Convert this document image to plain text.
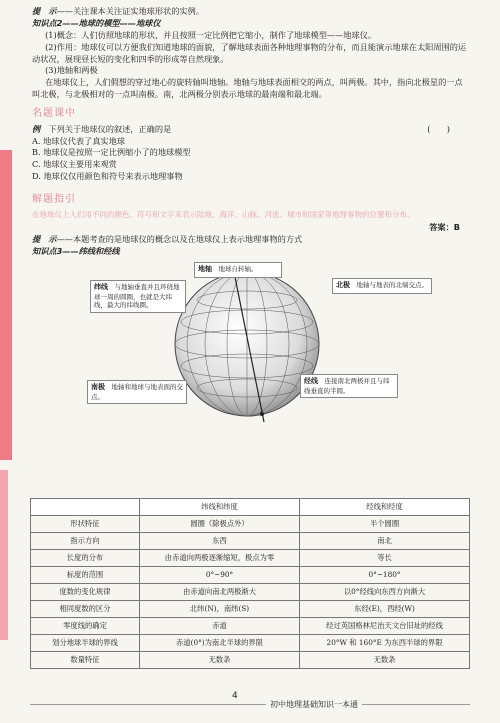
提　示——关注课本关注证实地球形状的实例。

知识点2——地球的模型——地球仪

(1)概念：人们仿照地球的形状，并且按照一定比例把它缩小，制作了地球模型——地球仪。

(2)作用：地球仪可以方便我们知道地球的面貌，了解地球表面各种地理事物的分布，而且能演示地球在太阳周围的运动状况，展现昼长短的变化和四季的形成等自然现象。

(3)地轴和两极

在地球仪上，人们假想的穿过地心的旋转轴叫地轴。地轴与地球表面相交的两点，叫两极。其中，指向北极星的一点叫北极，与北极相对的一点叫南极。南，北两极分别表示地球的最南端和最北端。

名题课中

例　 下列关于地球仪的叙述，正确的是	(　　)

A. 地球仪代表了真实地球

B. 地球仪是按照一定比例缩小了的地球模型

C. 地球仪主要用来观赏

D. 地球仪仅用颜色和符号来表示地理事物

解题指引

在地球仪上人们用不同的颜色、符号和文字来表示陆地、海洋、山脉、河流、城市和国家等地理事物的位置和分布。

答案：B

提　示——本题考查的是地球仪的概念以及在地球仪上表示地理事物的方式

知识点3——纬线和经线

地轴　 地球自转轴。
纬线　 与地轴垂直并且环绕地球一周的圆圈，也就是大纬线，最大的纬线圈。
北极　 地轴与地表的北端交点。
南极　 地轴和地球与地表面的交点。
经线　 连接南北两极并且与纬线垂直的半圆。
	纬线和纬度	经线和经度
形状特征	圆圈（除极点外）	半个圆圈
指示方向	东西	南北
长度的分布	由赤道向两极逐渐缩短，极点为零	等长
标度的范围	0°~90°	0°~180°
度数的变化规律	由赤道向南北两极渐大	以0°经线向东西方向渐大
相同度数的区分	北纬(N)，南纬(S)	东经(E)，西经(W)
零度线的确定	赤道	经过英国格林尼治天文台旧址的经线
划分地球半球的界线	赤道(0°)为南北半球的界限	20°W 和 160°E 为东西半球的界限
数量特征	无数条	无数条
4
初中地理基础知识一本通
